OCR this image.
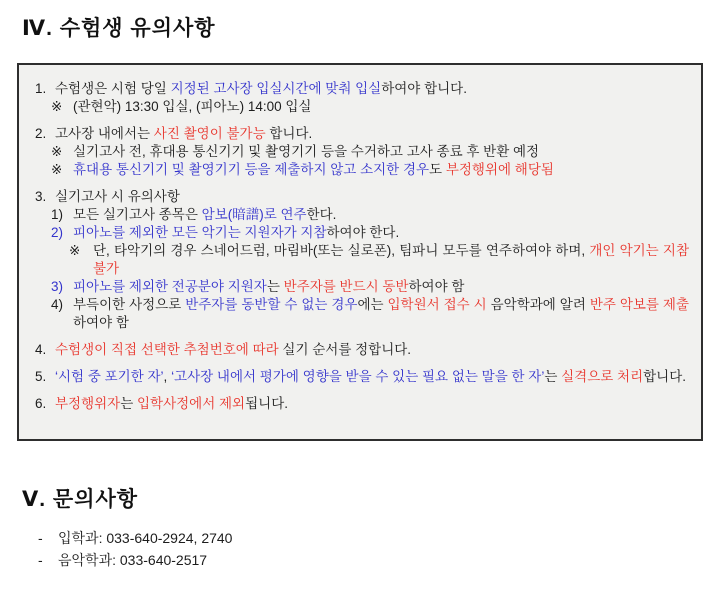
Ⅳ. 수험생 유의사항
1. 수험생은 시험 당일 지정된 고사장 입실시간에 맞춰 입실하여야 합니다.
※ (관현악) 13:30 입실, (피아노) 14:00 입실
2. 고사장 내에서는 사진 촬영이 불가능 합니다.
※ 실기고사 전, 휴대용 통신기기 및 촬영기기 등을 수거하고 고사 종료 후 반환 예정
※ 휴대용 통신기기 및 촬영기기 등을 제출하지 않고 소지한 경우도 부정행위에 해당됨
3. 실기고사 시 유의사항
1) 모든 실기고사 종목은 암보(暗譜)로 연주한다.
2) 피아노를 제외한 모든 악기는 지원자가 지참하여야 한다.
※ 단, 타악기의 경우 스네어드럼, 마림바(또는 실로폰), 팀파니 모두를 연주하여야 하며, 개인 악기는 지참 불가
3) 피아노를 제외한 전공분야 지원자는 반주자를 반드시 동반하여야 함
4) 부득이한 사정으로 반주자를 동반할 수 없는 경우에는 입학원서 접수 시 음악학과에 알려 반주 악보를 제출하여야 함
4. 수험생이 직접 선택한 추첨번호에 따라 실기 순서를 정합니다.
5. ‘시험 중 포기한 자’, ‘고사장 내에서 평가에 영향을 받을 수 있는 필요 없는 말을 한 자’는 실격으로 처리합니다.
6. 부정행위자는 입학사정에서 제외됩니다.
Ⅴ. 문의사항
-	입학과: 033-640-2924, 2740
-	음악학과: 033-640-2517
